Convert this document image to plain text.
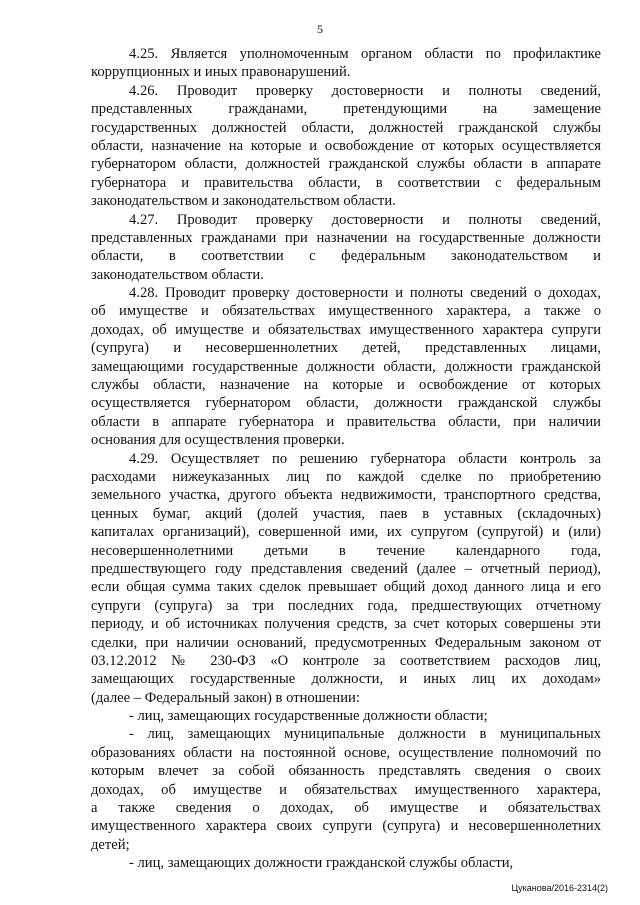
5
4.25. Является уполномоченным органом области по профилактике
коррупционных и иных правонарушений.
4.26. Проводит проверку достоверности и полноты сведений,
представленных гражданами, претендующими на замещение
государственных должностей области, должностей гражданской службы
области, назначение на которые и освобождение от которых осуществляется
губернатором области, должностей гражданской службы области в аппарате
губернатора и правительства области, в соответствии с федеральным
законодательством и законодательством области.
4.27. Проводит проверку достоверности и полноты сведений,
представленных гражданами при назначении на государственные должности
области, в соответствии с федеральным законодательством и
законодательством области.
4.28. Проводит проверку достоверности и полноты сведений о доходах,
об имуществе и обязательствах имущественного характера, а также о
доходах, об имуществе и обязательствах имущественного характера супруги
(супруга) и несовершеннолетних детей, представленных лицами,
замещающими государственные должности области, должности гражданской
службы области, назначение на которые и освобождение от которых
осуществляется губернатором области, должности гражданской службы
области в аппарате губернатора и правительства области, при наличии
основания для осуществления проверки.
4.29. Осуществляет по решению губернатора области контроль за
расходами нижеуказанных лиц по каждой сделке по приобретению
земельного участка, другого объекта недвижимости, транспортного средства,
ценных бумаг, акций (долей участия, паев в уставных (складочных)
капиталах организаций), совершенной ими, их супругом (супругой) и (или)
несовершеннолетними детьми в течение календарного года,
предшествующего году представления сведений (далее – отчетный период),
если общая сумма таких сделок превышает общий доход данного лица и его
супруги (супруга) за три последних года, предшествующих отчетному
периоду, и об источниках получения средств, за счет которых совершены эти
сделки, при наличии оснований, предусмотренных Федеральным законом от
03.12.2012 № 230-ФЗ «О контроле за соответствием расходов лиц,
замещающих государственные должности, и иных лиц их доходам»
(далее – Федеральный закон) в отношении:
- лиц, замещающих государственные должности области;
- лиц, замещающих муниципальные должности в муниципальных
образованиях области на постоянной основе, осуществление полномочий по
которым влечет за собой обязанность представлять сведения о своих
доходах, об имуществе и обязательствах имущественного характера,
а также сведения о доходах, об имуществе и обязательствах
имущественного характера своих супруги (супруга) и несовершеннолетних
детей;
- лиц, замещающих должности гражданской службы области,
Цуканова/2016-2314(2)
